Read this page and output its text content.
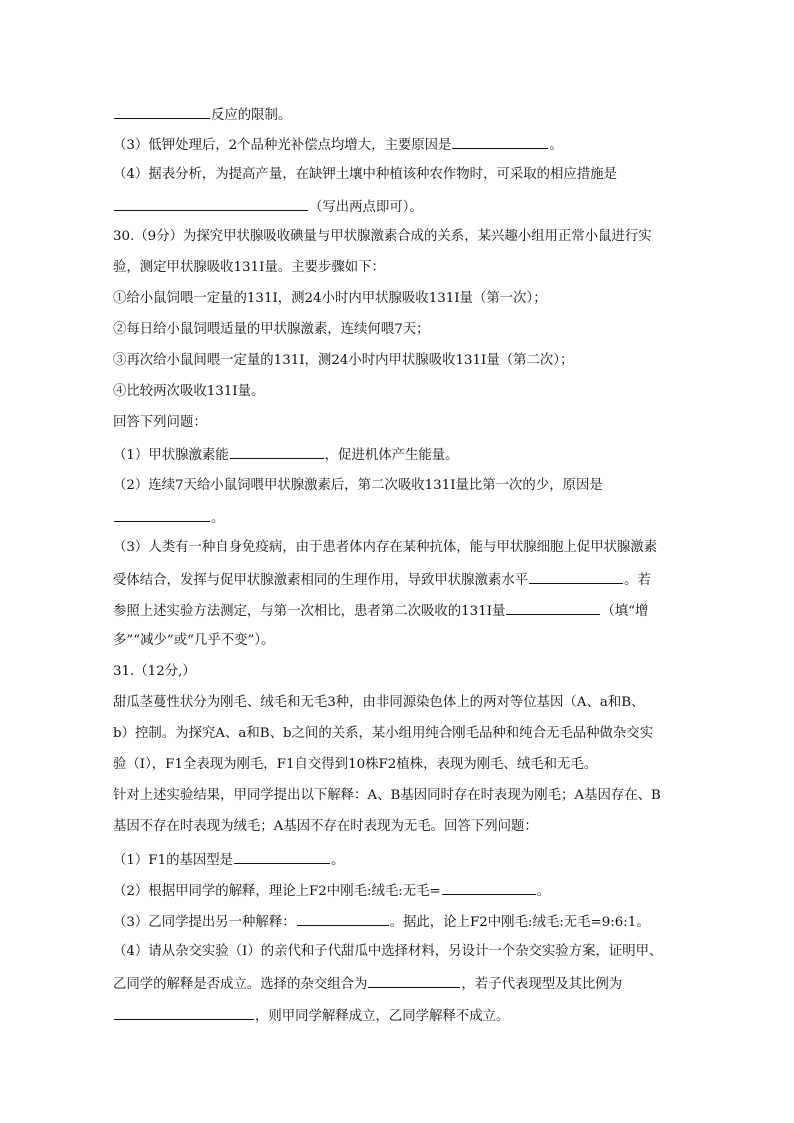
反应的限制。
（3）低钾处理后，2个品种光补偿点均增大，主要原因是	。
（4）据表分析，为提高产量，在缺钾土壤中种植该种农作物时，可采取的相应措施是
（写出两点即可）。
30.（9分）为探究甲状腺吸收碘量与甲状腺激素合成的关系，某兴趣小组用正常小鼠进行实
验，测定甲状腺吸收131I量。主要步骤如下：
①给小鼠饲喂一定量的131I，测24小时内甲状腺吸收131I量（第一次）；
②每日给小鼠饲喂适量的甲状腺激素，连续何喂7天；
③再次给小鼠间喂一定量的131I，测24小时内甲状腺吸收131I量（第二次）；
④比较两次吸收131I量。
回答下列问题：
（1）甲状腺激素能	，促进机体产生能量。
（2）连续7天给小鼠饲喂甲状腺激素后，第二次吸收131I量比第一次的少，原因是
。
（3）人类有一种自身免疫病，由于患者体内存在某种抗体，能与甲状腺细胞上促甲状腺激素
受体结合，发挥与促甲状腺激素相同的生理作用，导致甲状腺激素水平	。若
参照上述实验方法测定，与第一次相比，患者第二次吸收的131I量	（填“增
多”“减少”或“几乎不变”）。
31.（12分,）
甜瓜茎蔓性状分为刚毛、绒毛和无毛3种，由非同源染色体上的两对等位基因（A、a和B、
b）控制。为探究A、a和B、b之间的关系，某小组用纯合刚毛品种和纯合无毛品种做杂交实
验（I），F1全表现为刚毛，F1自交得到10株F2植株，表现为刚毛、绒毛和无毛。
针对上述实验结果，甲同学提出以下解释：A、B基因同时存在时表现为刚毛；A基因存在、B
基因不存在时表现为绒毛；A基因不存在时表现为无毛。回答下列问题：
（1）F1的基因型是	。
（2）根据甲同学的解释，理论上F2中刚毛:绒毛:无毛=	。
（3）乙同学提出另一种解释：	。据此，论上F2中刚毛:绒毛:无毛=9:6:1。
（4）请从杂交实验（I）的亲代和子代甜瓜中选择材料，另设计一个杂交实验方案，证明甲、
乙同学的解释是否成立。选择的杂交组合为	，若子代表现型及其比例为
，则甲同学解释成立，乙同学解释不成立。
